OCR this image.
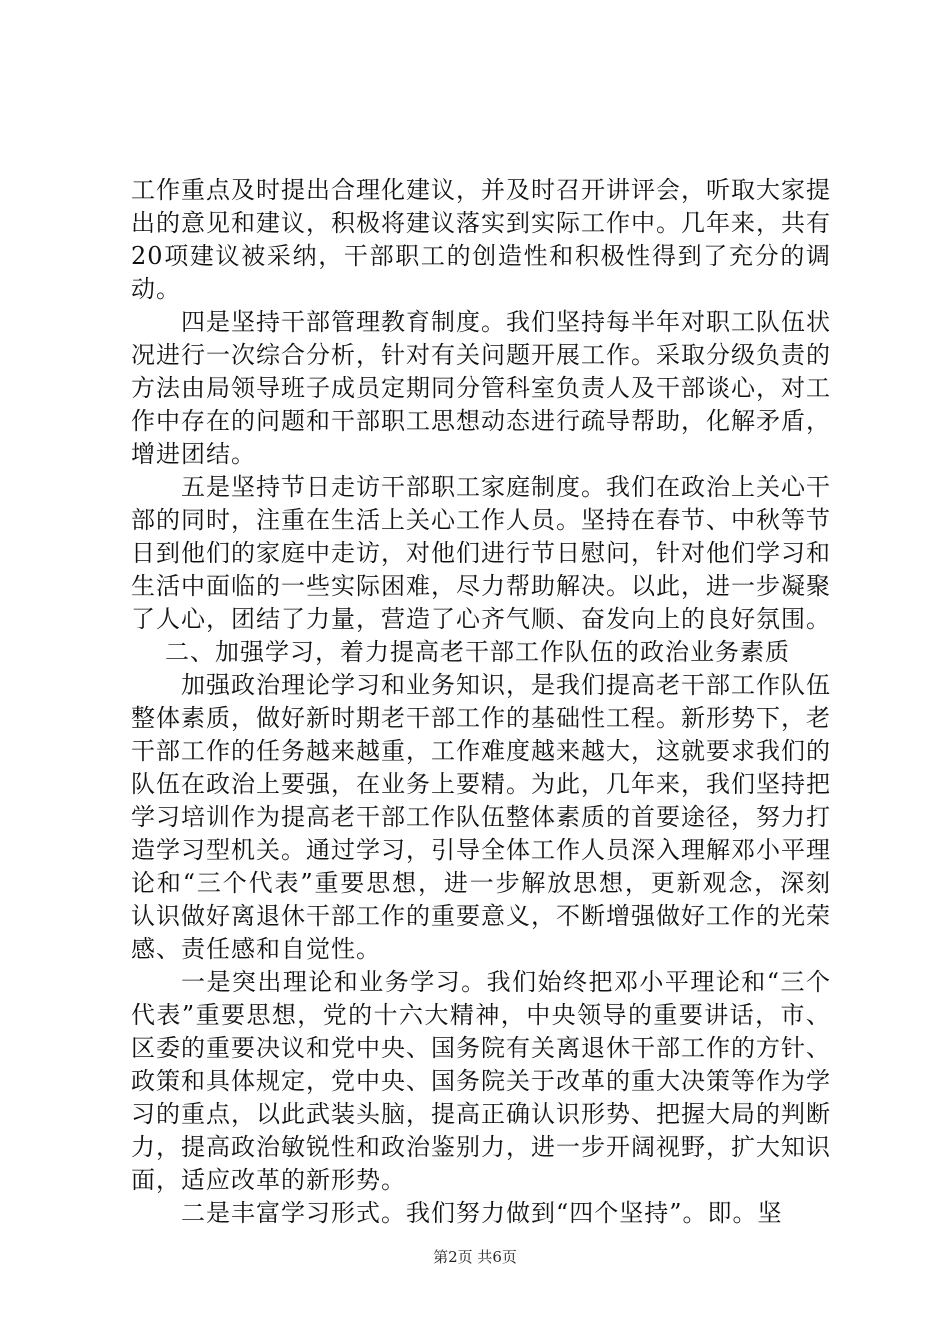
工作重点及时提出合理化建议，并及时召开讲评会，听取大家提出的意见和建议，积极将建议落实到实际工作中。几年来，共有20项建议被采纳，干部职工的创造性和积极性得到了充分的调动。

四是坚持干部管理教育制度。我们坚持每半年对职工队伍状况进行一次综合分析，针对有关问题开展工作。采取分级负责的方法由局领导班子成员定期同分管科室负责人及干部谈心，对工作中存在的问题和干部职工思想动态进行疏导帮助，化解矛盾，增进团结。

五是坚持节日走访干部职工家庭制度。我们在政治上关心干部的同时，注重在生活上关心工作人员。坚持在春节、中秋等节日到他们的家庭中走访，对他们进行节日慰问，针对他们学习和生活中面临的一些实际困难，尽力帮助解决。以此，进一步凝聚了人心，团结了力量，营造了心齐气顺、奋发向上的良好氛围。

二、加强学习，着力提高老干部工作队伍的政治业务素质

加强政治理论学习和业务知识，是我们提高老干部工作队伍整体素质，做好新时期老干部工作的基础性工程。新形势下，老干部工作的任务越来越重，工作难度越来越大，这就要求我们的队伍在政治上要强，在业务上要精。为此，几年来，我们坚持把学习培训作为提高老干部工作队伍整体素质的首要途径，努力打造学习型机关。通过学习，引导全体工作人员深入理解邓小平理论和“三个代表”重要思想，进一步解放思想，更新观念，深刻认识做好离退休干部工作的重要意义，不断增强做好工作的光荣感、责任感和自觉性。

一是突出理论和业务学习。我们始终把邓小平理论和“三个代表”重要思想，党的十六大精神，中央领导的重要讲话，市、区委的重要决议和党中央、国务院有关离退休干部工作的方针、政策和具体规定，党中央、国务院关于改革的重大决策等作为学习的重点，以此武装头脑，提高正确认识形势、把握大局的判断力，提高政治敏锐性和政治鉴别力，进一步开阔视野，扩大知识面，适应改革的新形势。

二是丰富学习形式。我们努力做到“四个坚持”。即。坚

第2页 共6页
